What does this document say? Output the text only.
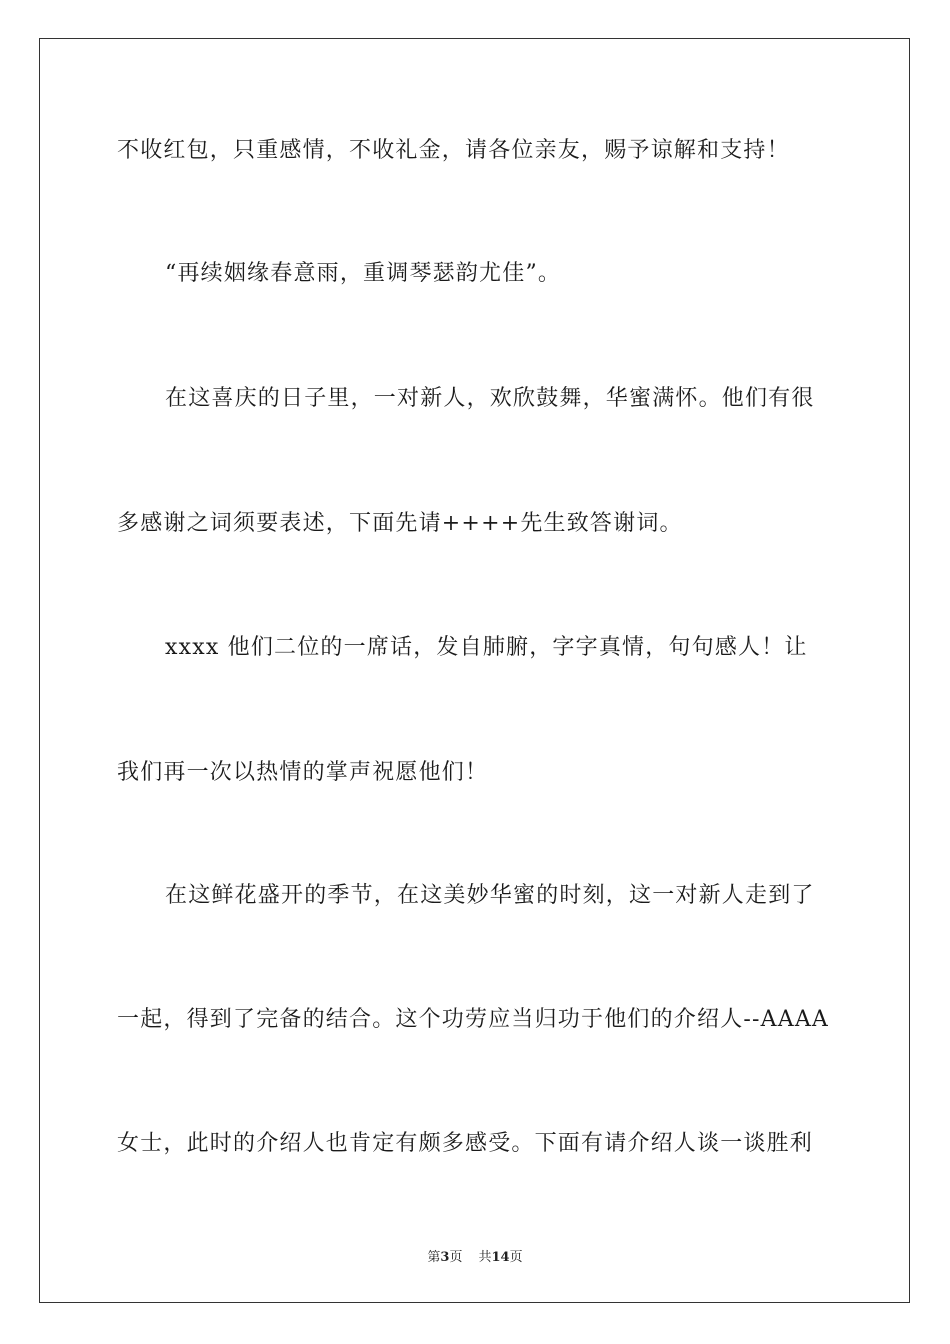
不收红包，只重感情，不收礼金，请各位亲友，赐予谅解和支持！
“再续姻缘春意雨，重调琴瑟韵尤佳”。
在这喜庆的日子里，一对新人，欢欣鼓舞，华蜜满怀。他们有很
多感谢之词须要表述，下面先请++++先生致答谢词。
xxxx 他们二位的一席话，发自肺腑，字字真情，句句感人！让
我们再一次以热情的掌声祝愿他们！
在这鲜花盛开的季节，在这美妙华蜜的时刻，这一对新人走到了
一起，得到了完备的结合。这个功劳应当归功于他们的介绍人--AAAA
女士，此时的介绍人也肯定有颇多感受。下面有请介绍人谈一谈胜利
第3页 共14页
